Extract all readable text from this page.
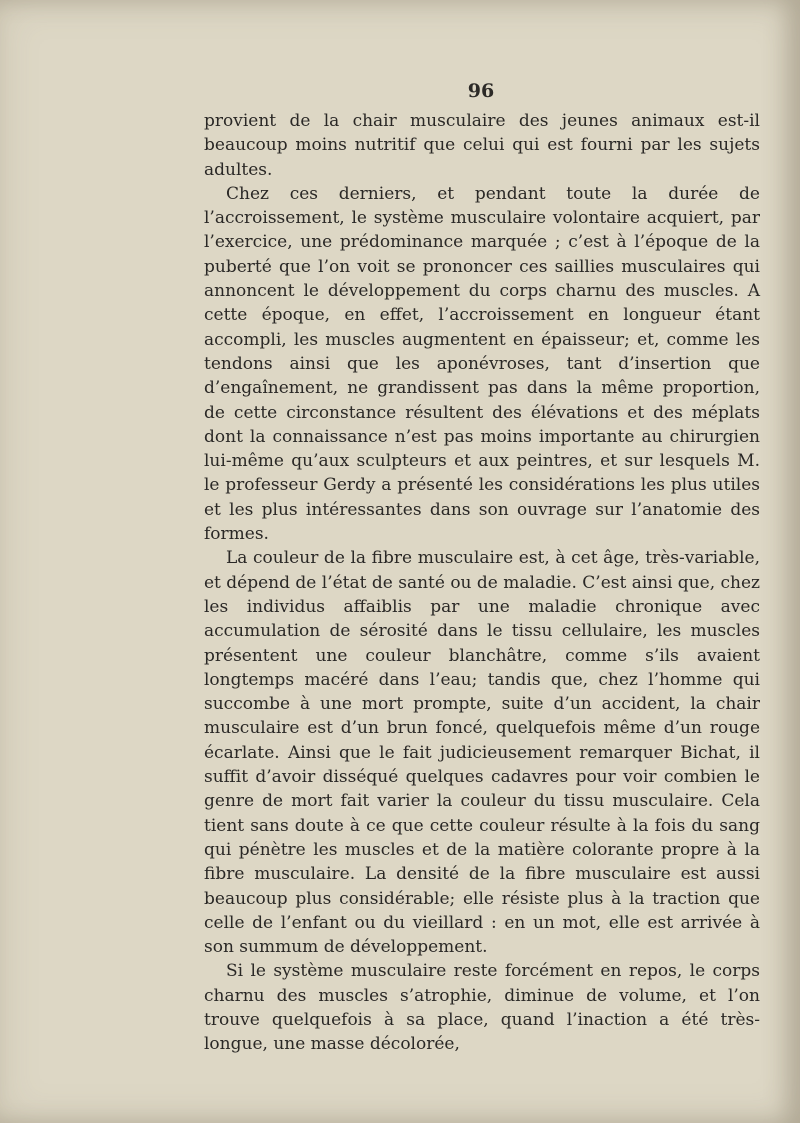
96

provient de la chair musculaire des jeunes animaux est-il beaucoup moins nutritif que celui qui est fourni par les sujets adultes.

Chez ces derniers, et pendant toute la durée de l’accroissement, le système musculaire volontaire acquiert, par l’exercice, une prédominance marquée ; c’est à l’époque de la puberté que l’on voit se prononcer ces saillies musculaires qui annoncent le développement du corps charnu des muscles. A cette époque, en effet, l’accroissement en longueur étant accompli, les muscles augmentent en épaisseur; et, comme les tendons ainsi que les aponévroses, tant d’insertion que d’engaînement, ne grandissent pas dans la même proportion, de cette circonstance résultent des élévations et des méplats dont la connaissance n’est pas moins importante au chirurgien lui-même qu’aux sculpteurs et aux peintres, et sur lesquels M. le professeur Gerdy a présenté les considérations les plus utiles et les plus intéressantes dans son ouvrage sur l’anatomie des formes.

La couleur de la fibre musculaire est, à cet âge, très-variable, et dépend de l’état de santé ou de maladie. C’est ainsi que, chez les individus affaiblis par une maladie chronique avec accumulation de sérosité dans le tissu cellulaire, les muscles présentent une couleur blanchâtre, comme s’ils avaient longtemps macéré dans l’eau; tandis que, chez l’homme qui succombe à une mort prompte, suite d’un accident, la chair musculaire est d’un brun foncé, quelquefois même d’un rouge écarlate. Ainsi que le fait judicieusement remarquer Bichat, il suffit d’avoir disséqué quelques cadavres pour voir combien le genre de mort fait varier la couleur du tissu musculaire. Cela tient sans doute à ce que cette couleur résulte à la fois du sang qui pénètre les muscles et de la matière colorante propre à la fibre musculaire. La densité de la fibre musculaire est aussi beaucoup plus considérable; elle résiste plus à la traction que celle de l’enfant ou du vieillard : en un mot, elle est arrivée à son summum de développement.

Si le système musculaire reste forcément en repos, le corps charnu des muscles s’atrophie, diminue de volume, et l’on trouve quelquefois à sa place, quand l’inaction a été très-longue, une masse décolorée,
